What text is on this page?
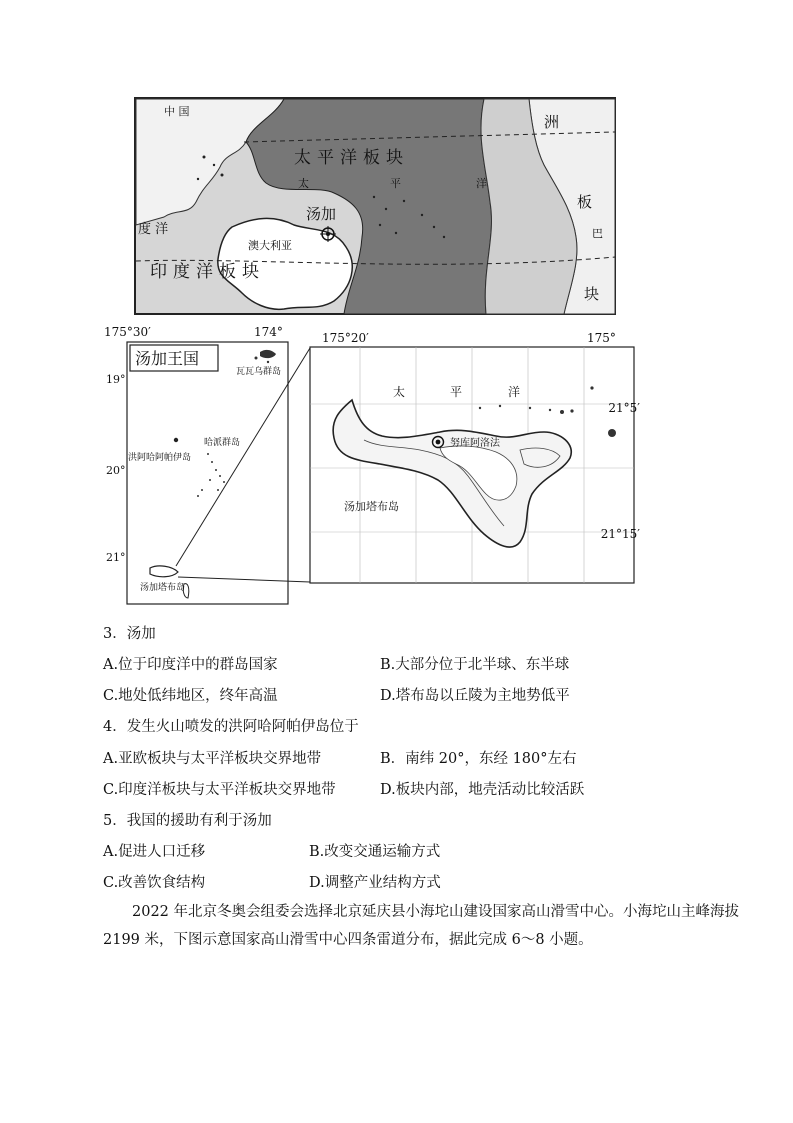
中 国
洲
太平洋板块
太	平	洋
汤加
度 洋
澳大利亚
印度洋板块
板
巴
块
175°30′	174°
汤加王国
19°
20°
21°
瓦瓦乌群岛
洪阿哈阿帕伊岛
哈派群岛
汤加塔布岛
175°20′	175°
太	平	洋
21°5′
21°15′
努库阿洛法
汤加塔布岛
3．汤加
A.位于印度洋中的群岛国家	B.大部分位于北半球、东半球
C.地处低纬地区，终年高温	D.塔布岛以丘陵为主地势低平
4．发生火山喷发的洪阿哈阿帕伊岛位于
A.亚欧板块与太平洋板块交界地带	B．南纬 20°，东经 180°左右
C.印度洋板块与太平洋板块交界地带	D.板块内部，地壳活动比较活跃
5．我国的援助有利于汤加
A.促进人口迁移	B.改变交通运输方式
C.改善饮食结构	D.调整产业结构方式
2022 年北京冬奥会组委会选择北京延庆县小海坨山建设国家高山滑雪中心。小海坨山主峰海拔 2199 米，下图示意国家高山滑雪中心四条雷道分布，据此完成 6～8 小题。
